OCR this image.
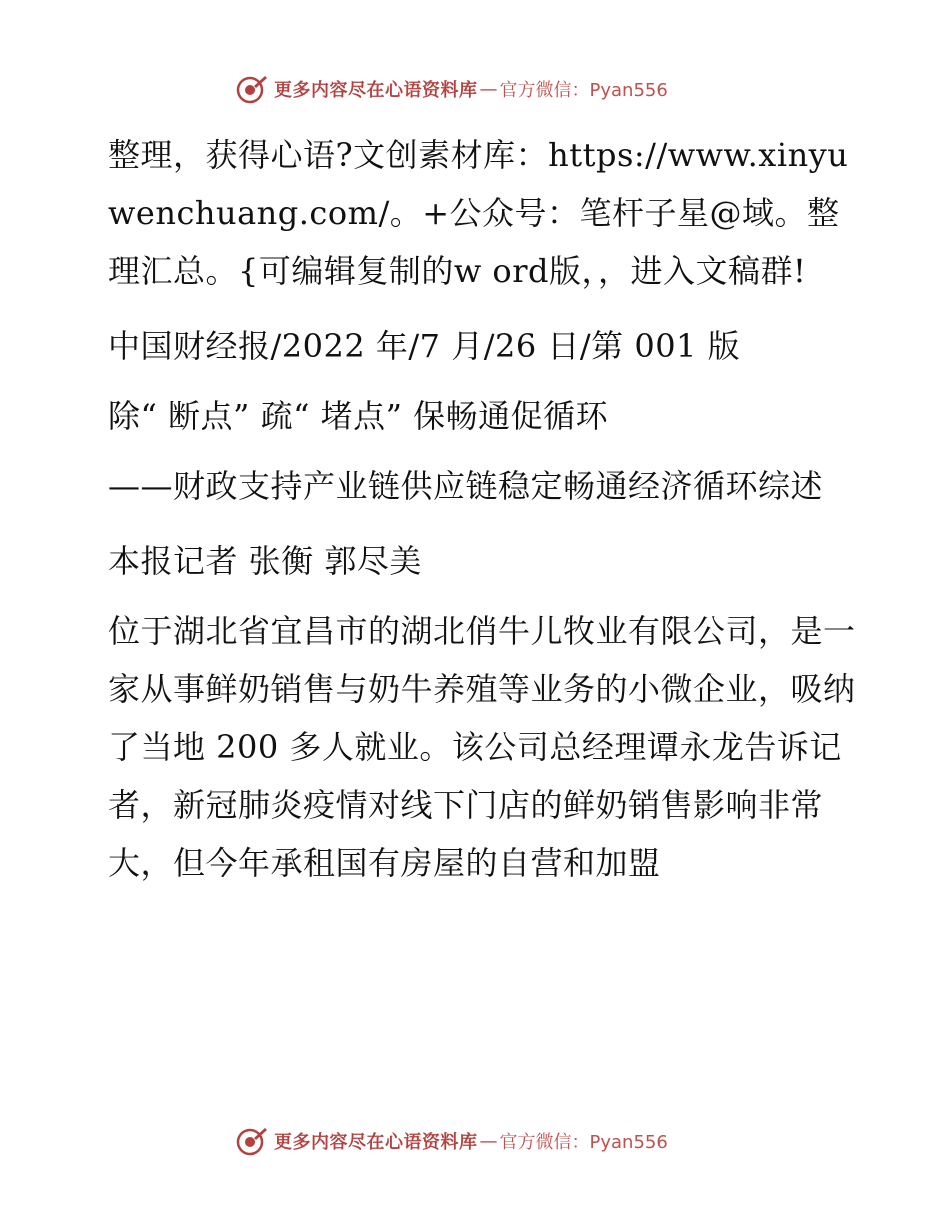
更多内容尽在心语资料库 — 官方微信：Pyan556

整理，获得心语?文创素材库：https://www.xinyuwenchuang.com/。+公众号：笔杆子星@域。整理汇总。{可编辑复制的w ord版，，进入文稿群!

中国财经报/2022 年/7 月/26 日/第 001 版

除“ 断点” 疏“ 堵点” 保畅通促循环

——财政支持产业链供应链稳定畅通经济循环综述

本报记者 张衡 郭尽美

位于湖北省宜昌市的湖北俏牛儿牧业有限公司，是一家从事鲜奶销售与奶牛养殖等业务的小微企业，吸纳了当地 200 多人就业。该公司总经理谭永龙告诉记者，新冠肺炎疫情对线下门店的鲜奶销售影响非常大，但今年承租国有房屋的自营和加盟

更多内容尽在心语资料库 — 官方微信：Pyan556
